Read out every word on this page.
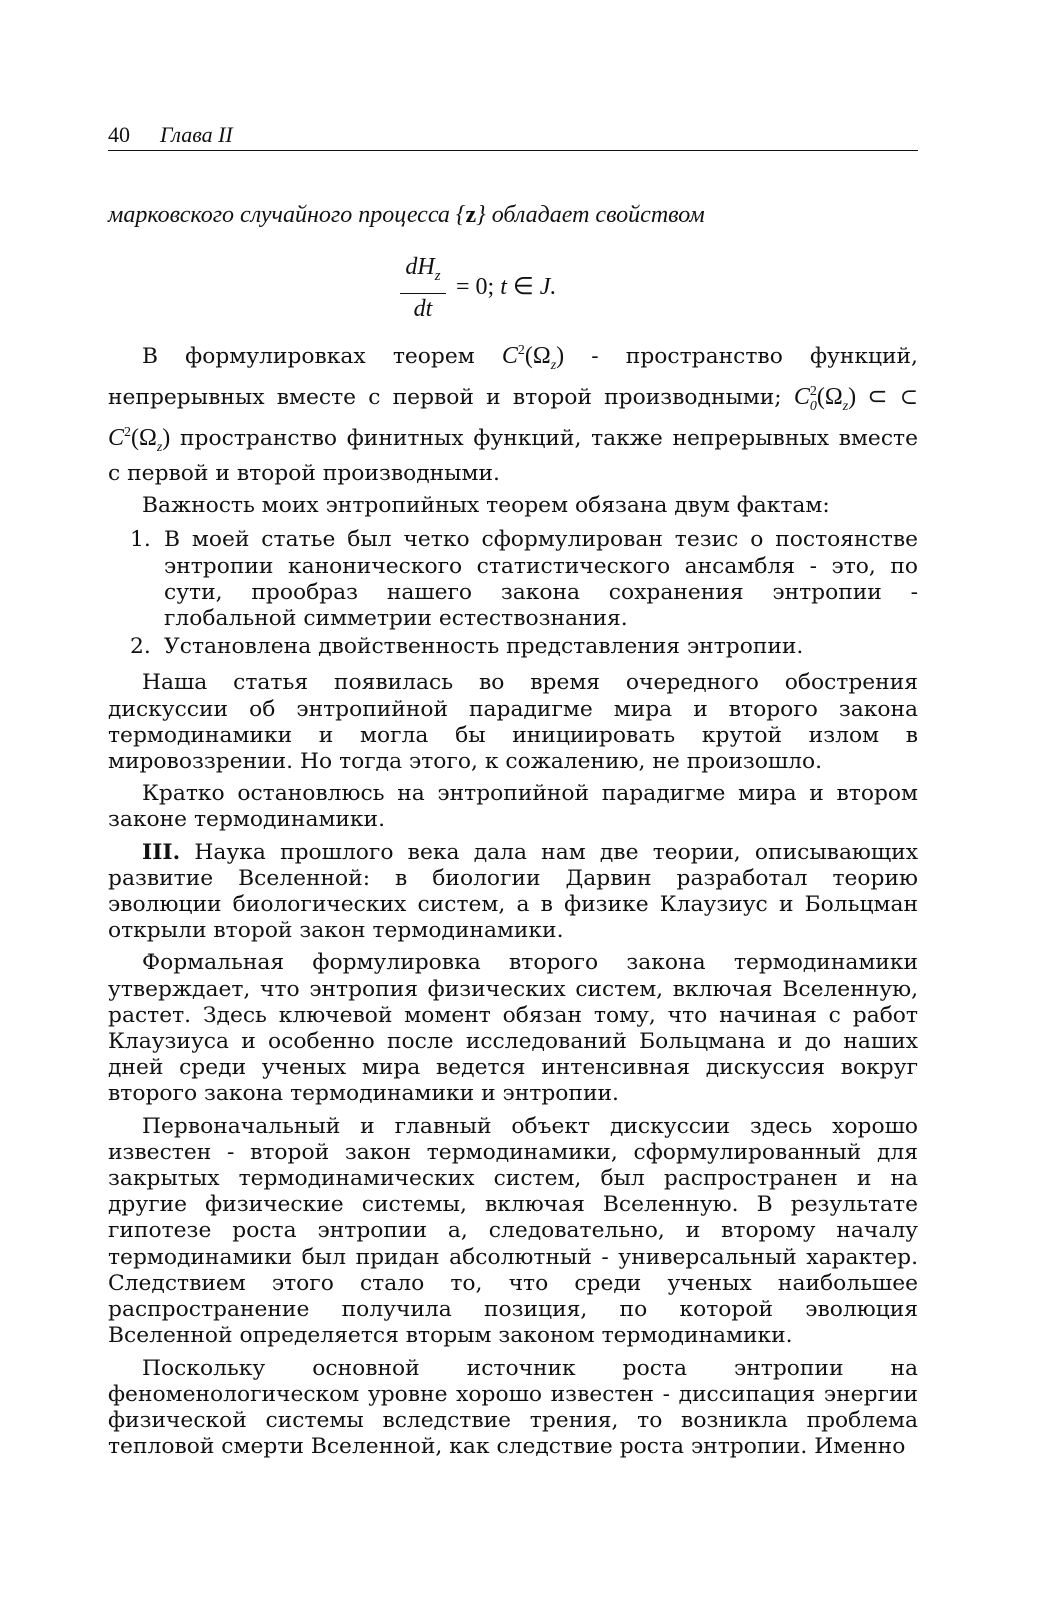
40 Глава II
марковского случайного процесса {z} обладает свойством
$dH_z$
dt
= 0; t ∈ J.

В формулировках теорем $C^2(\Omega_z)$ - пространство функций, непрерывных вместе с первой и второй производными; $C^2_0(\Omega_z)$ ⊂ ⊂ $C^2(\Omega_z)$ пространство финитных функций, также непрерывных вместе с первой и второй производными.

Важность моих энтропийных теорем обязана двум фактам:

1. В моей статье был четко сформулирован тезис о постоянстве энтропии канонического статистического ансамбля - это, по сути, прообраз нашего закона сохранения энтропии - глобальной симметрии естествознания.
2. Установлена двойственность представления энтропии.

Наша статья появилась во время очередного обострения дискуссии об энтропийной парадигме мира и второго закона термодинамики и могла бы инициировать крутой излом в мировоззрении. Но тогда этого, к сожалению, не произошло.

Кратко остановлюсь на энтропийной парадигме мира и втором законе термодинамики.

III. Наука прошлого века дала нам две теории, описывающих развитие Вселенной: в биологии Дарвин разработал теорию эволюции биологических систем, а в физике Клаузиус и Больцман открыли второй закон термодинамики.

Формальная формулировка второго закона термодинамики утверждает, что энтропия физических систем, включая Вселенную, растет. Здесь ключевой момент обязан тому, что начиная с работ Клаузиуса и особенно после исследований Больцмана и до наших дней среди ученых мира ведется интенсивная дискуссия вокруг второго закона термодинамики и энтропии.

Первоначальный и главный объект дискуссии здесь хорошо известен - второй закон термодинамики, сформулированный для закрытых термодинамических систем, был распространен и на другие физические системы, включая Вселенную. В результате гипотезе роста энтропии а, следовательно, и второму началу термодинамики был придан абсолютный - универсальный характер. Следствием этого стало то, что среди ученых наибольшее распространение получила позиция, по которой эволюция Вселенной определяется вторым законом термодинамики.

Поскольку основной источник роста энтропии на феноменологическом уровне хорошо известен - диссипация энергии физической системы вследствие трения, то возникла проблема тепловой смерти Вселенной, как следствие роста энтропии. Именно
